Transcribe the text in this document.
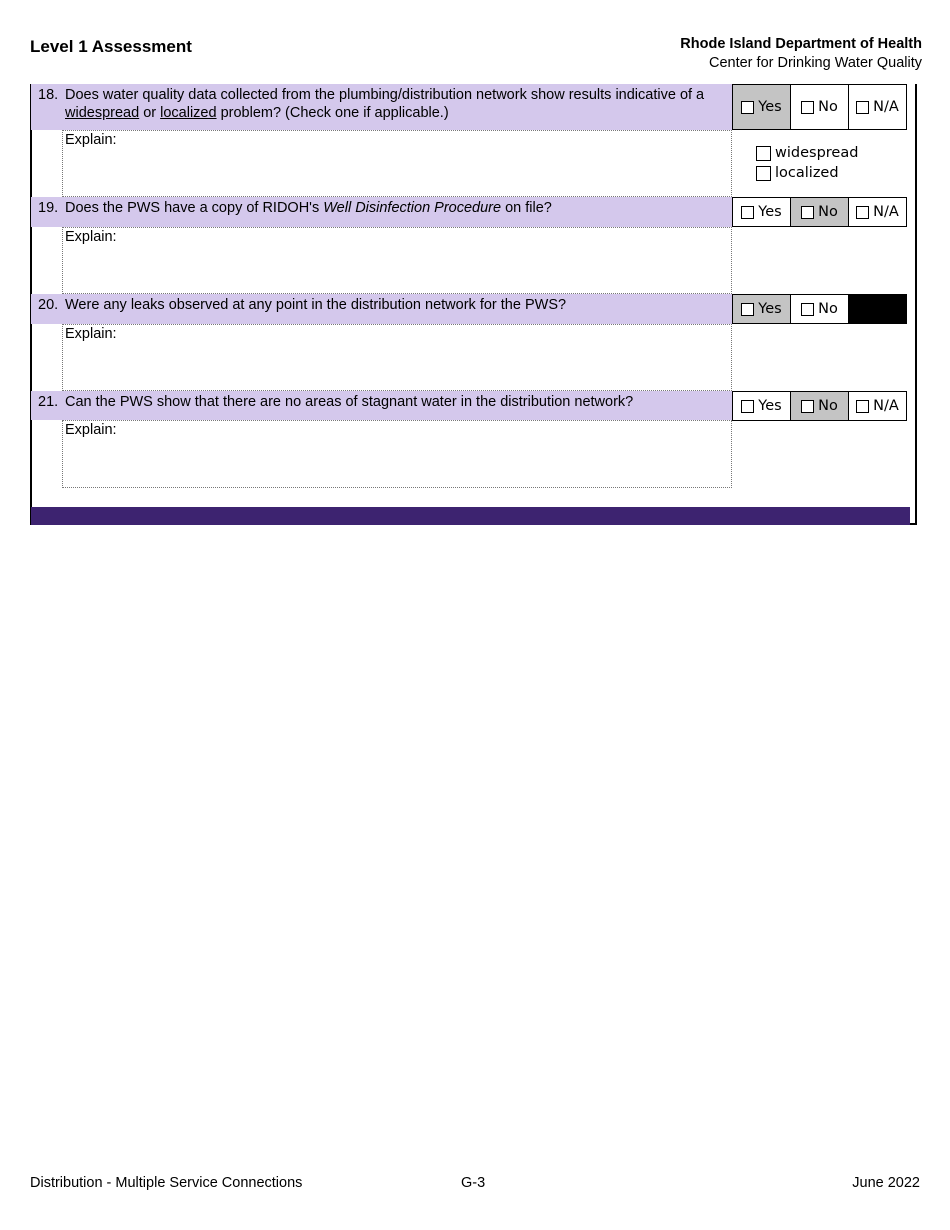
Level 1 Assessment	Rhode Island Department of Health
Center for Drinking Water Quality
18. Does water quality data collected from the plumbing/distribution network show results indicative of a widespread or localized problem? (Check one if applicable.)	Yes	No N/A
Explain:
widespread
localized
19. Does the PWS have a copy of RIDOH's Well Disinfection Procedure on file?	Yes	No N/A
Explain:
20. Were any leaks observed at any point in the distribution network for the PWS?	Yes	No
Explain:
21. Can the PWS show that there are no areas of stagnant water in the distribution network?	Yes	No N/A
Explain:
Distribution - Multiple Service Connections	G-3	June 2022
